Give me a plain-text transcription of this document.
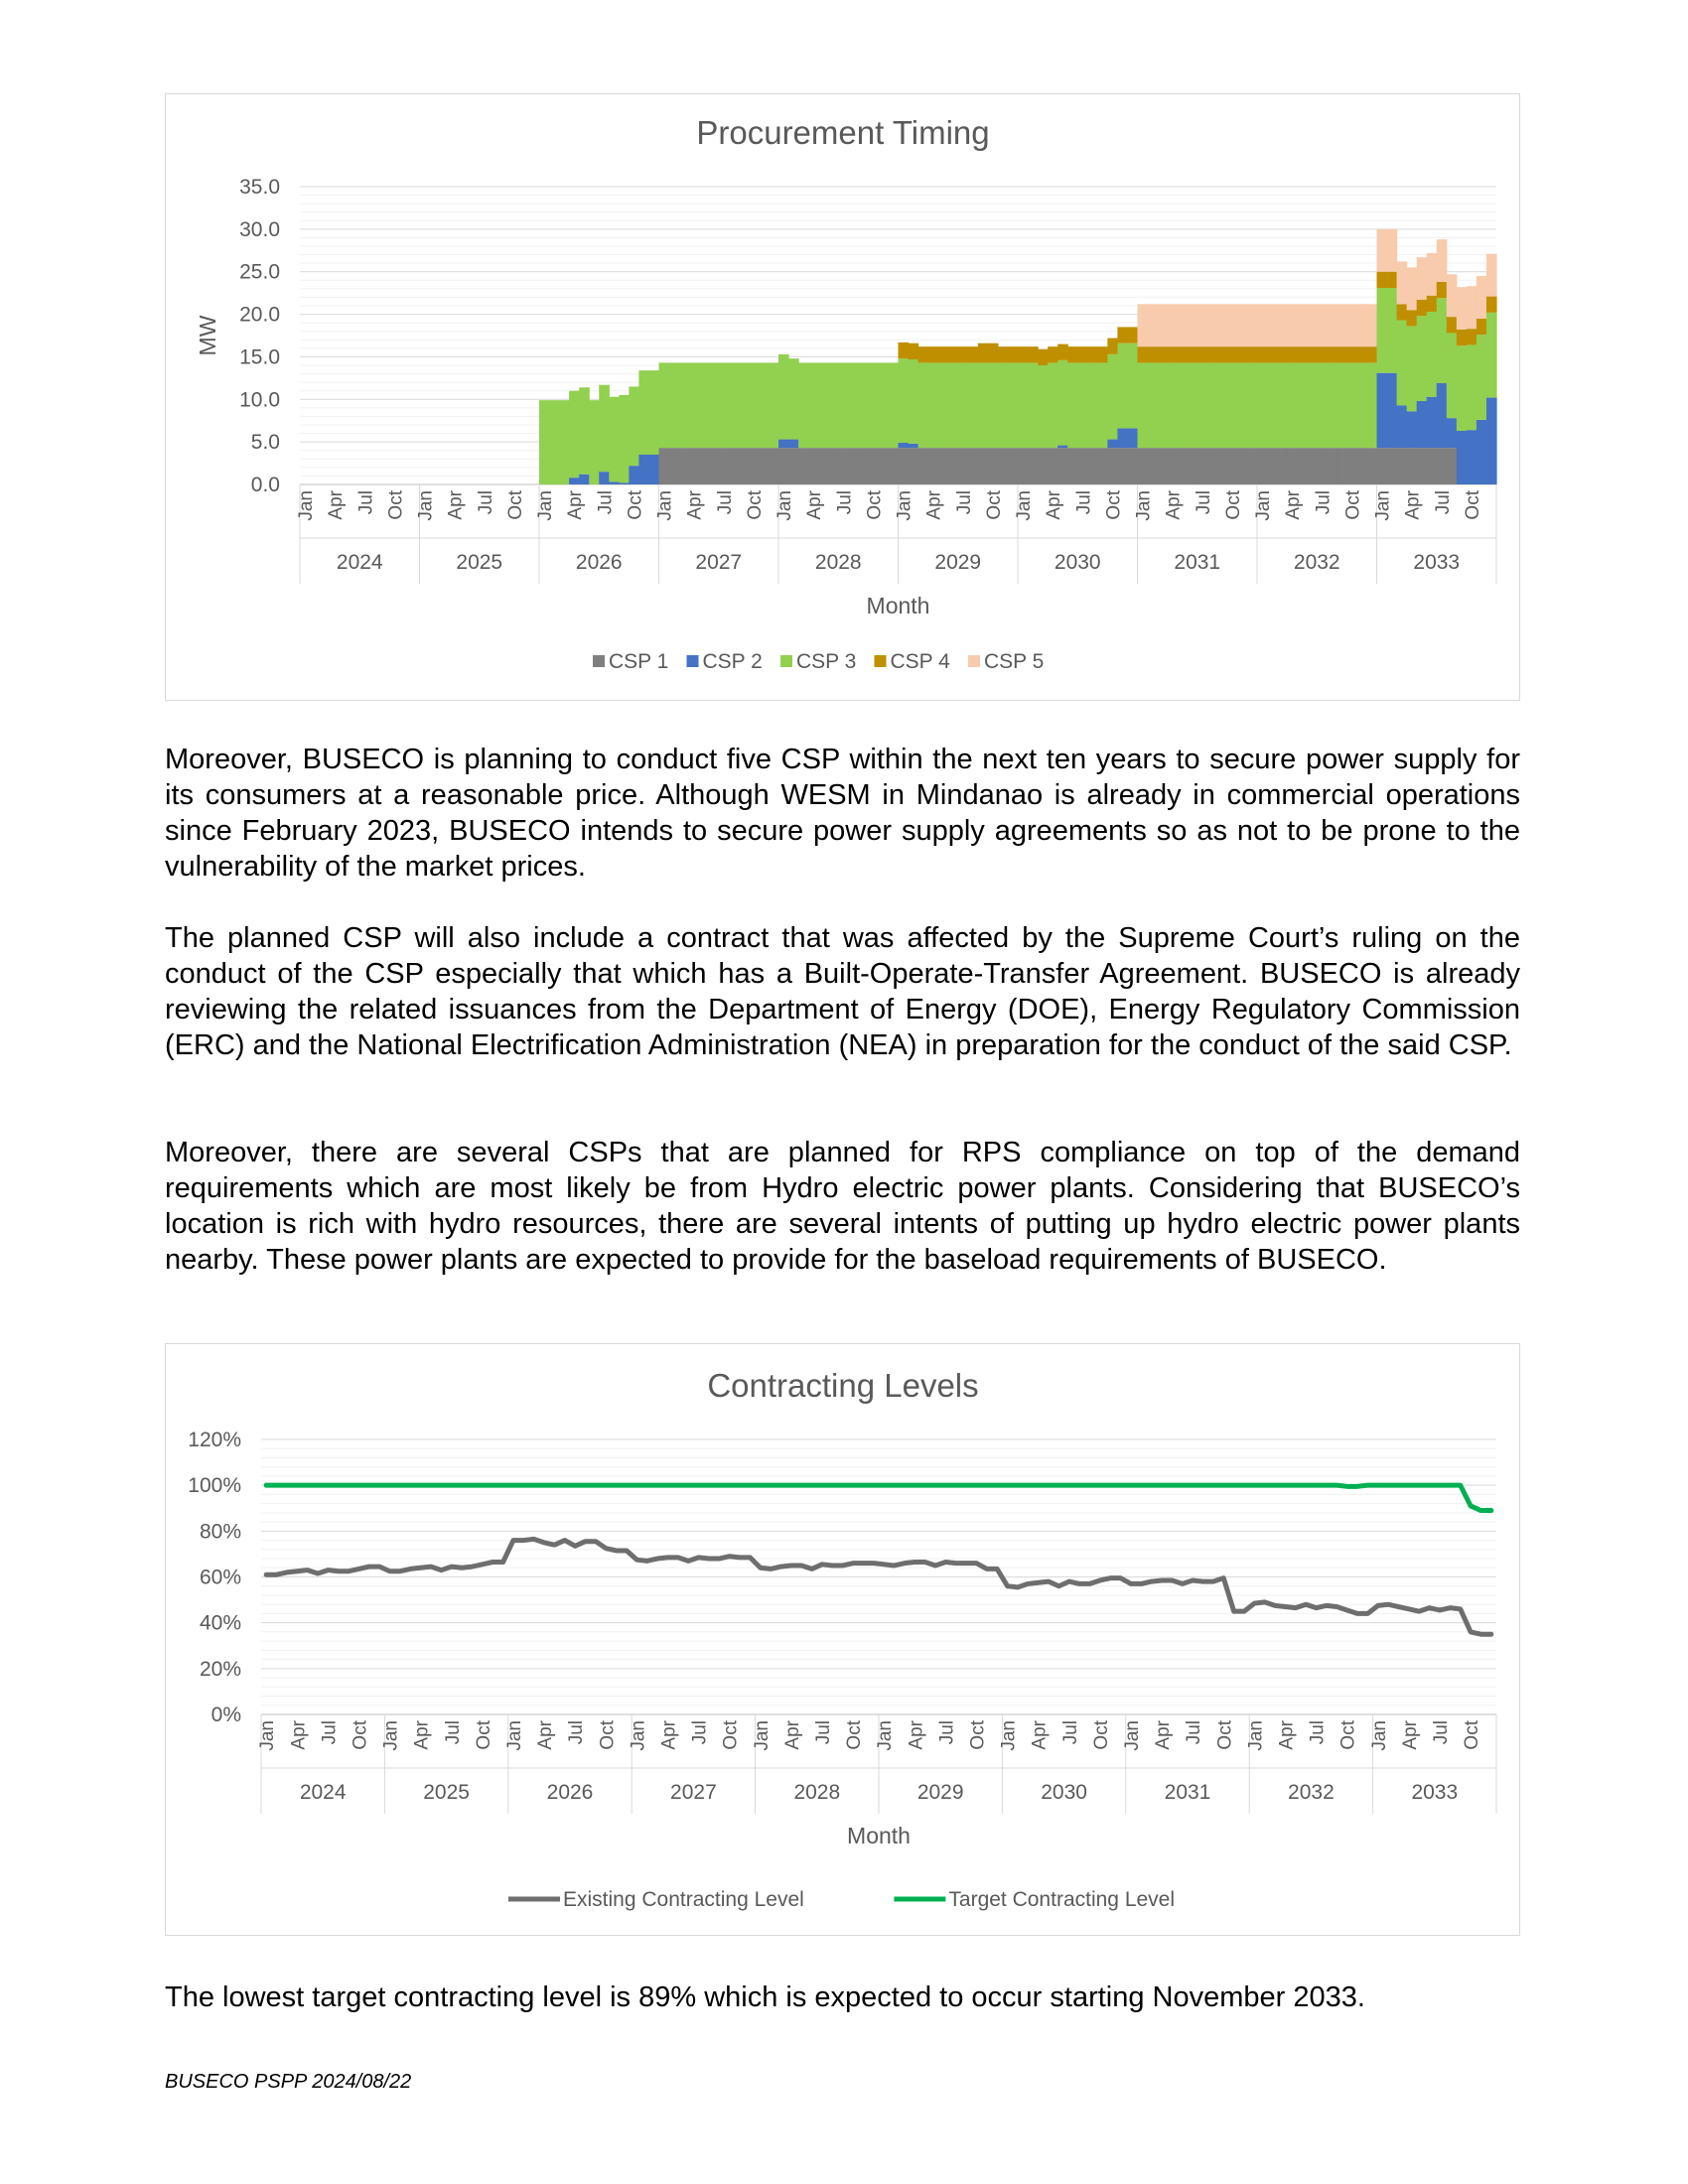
Procurement Timing
MW
0.0
5.0
10.0
15.0
20.0
25.0
30.0
35.0
Jan Apr Jul Oct
2024
Jan Apr Jul Oct
2025
Jan Apr Jul Oct
2026
Jan Apr Jul Oct
2027
Jan Apr Jul Oct
2028
Jan Apr Jul Oct
2029
Jan Apr Jul Oct
2030
Jan Apr Jul Oct
2031
Jan Apr Jul Oct
2032
Jan Apr Jul Oct
2033
Month
CSP 1 CSP 2 CSP 3 CSP 4 CSP 5

Moreover, BUSECO is planning to conduct five CSP within the next ten years to secure power supply for its consumers at a reasonable price. Although WESM in Mindanao is already in commercial operations since February 2023, BUSECO intends to secure power supply agreements so as not to be prone to the vulnerability of the market prices.

The planned CSP will also include a contract that was affected by the Supreme Court’s ruling on the conduct of the CSP especially that which has a Built-Operate-Transfer Agreement. BUSECO is already reviewing the related issuances from the Department of Energy (DOE), Energy Regulatory Commission (ERC) and the National Electrification Administration (NEA) in preparation for the conduct of the said CSP.

Moreover, there are several CSPs that are planned for RPS compliance on top of the demand requirements which are most likely be from Hydro electric power plants. Considering that BUSECO’s location is rich with hydro resources, there are several intents of putting up hydro electric power plants nearby. These power plants are expected to provide for the baseload requirements of BUSECO.

Contracting Levels
0%
20%
40%
60%
80%
100%
120%
Jan Apr Jul Oct
2024
Jan Apr Jul Oct
2025
Jan Apr Jul Oct
2026
Jan Apr Jul Oct
2027
Jan Apr Jul Oct
2028
Jan Apr Jul Oct
2029
Jan Apr Jul Oct
2030
Jan Apr Jul Oct
2031
Jan Apr Jul Oct
2032
Jan Apr Jul Oct
2033
Month
Existing Contracting Level	Target Contracting Level

The lowest target contracting level is 89% which is expected to occur starting November 2033.

BUSECO PSPP 2024/08/22
